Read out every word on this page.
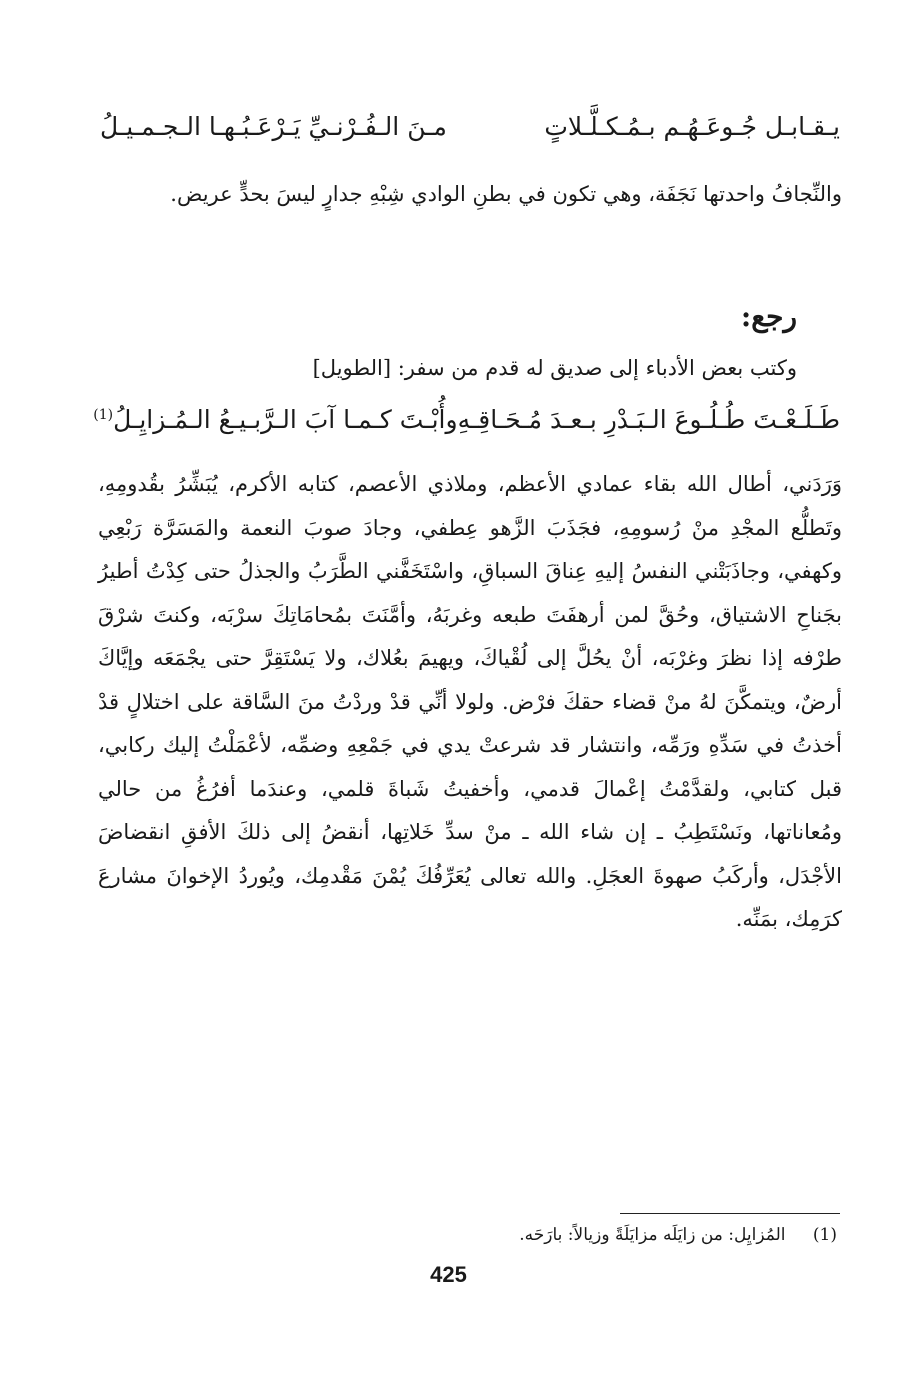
يـقـابـل جُـوعَـهُـم بـمُـكـلَّـلاتٍ
مـنَ الـفُـرْنـيِّ يَـرْعَـبُـهـا الـجـمـيـلُ
والنِّجافُ واحدتها نَجَفَة، وهي تكون في بطنِ الوادي شِبْهِ جدارٍ ليسَ بحدٍّ عريض.
رجع:
وكتب بعض الأدباء إلى صديق له قدم من سفر: [الطويل]
طَـلَـعْـتَ طُـلُـوعَ الـبَـدْرِ بـعـدَ مُـحَـاقِـهِ
وأُبْـتَ كـمـا آبَ الـرَّبـيـعُ الـمُـزايِـلُ(1)
وَرَدَني، أطال الله بقاء عمادي الأعظم، وملاذي الأعصم، كتابه الأكرم، يُبَشِّرُ بقُدومِهِ، وتَطلُّع المجْدِ منْ رُسومِهِ، فجَذَبَ الزَّهو عِطفي، وجادَ صوبَ النعمة والمَسَرَّة رَبْعِي وكهفي، وجاذَبَتْني النفسُ إليهِ عِناقَ السباقِ، واسْتَخَفَّني الطَّرَبُ والجذلُ حتى كِدْتُ أطيرُ بجَناحِ الاشتياق، وحُقَّ لمن أرهفَتَ طبعه وغربَهُ، وأمَّنَتَ بمُحامَاتِكَ سرْبَه، وكنتَ شرْقَ طرْفه إذا نظرَ وغرْبَه، أنْ يحُلَّ إلى لُقْياكَ، ويهيمَ بعُلاك، ولا يَسْتَقِرَّ حتى يجْمَعَه وإيَّاكَ أرضٌ، ويتمكَّنَ لهُ منْ قضاء حقكَ فرْض. ولولا أنِّي قدْ وردْتُ منَ السَّاقة على اختلالٍ قدْ أخذتُ في سَدِّهِ ورَمِّه، وانتشار قد شرعتْ يدي في جَمْعِهِ وضمِّه، لأعْمَلْتُ إليك ركابي، قبل كتابي، ولقدَّمْتُ إعْمالَ قدمي، وأخفيتُ شَباةَ قلمي، وعندَما أفرُغُ من حالي ومُعاناتها، ونَسْتَطِبُ ـ إن شاء الله ـ منْ سدِّ خَلاتِها، أنقضُ إلى ذلكَ الأفقِ انقضاضَ الأجْدَل، وأركَبُ صهوةَ العجَلِ. والله تعالى يُعَرِّفُكَ يُمْنَ مَقْدمِك، ويُوردُ الإخوانَ مشارعَ كرَمِك، بمَنِّه.
(1) المُزايِل: من زايَلَه مزايَلَةً وزيالاً: بارَحَه.
425
